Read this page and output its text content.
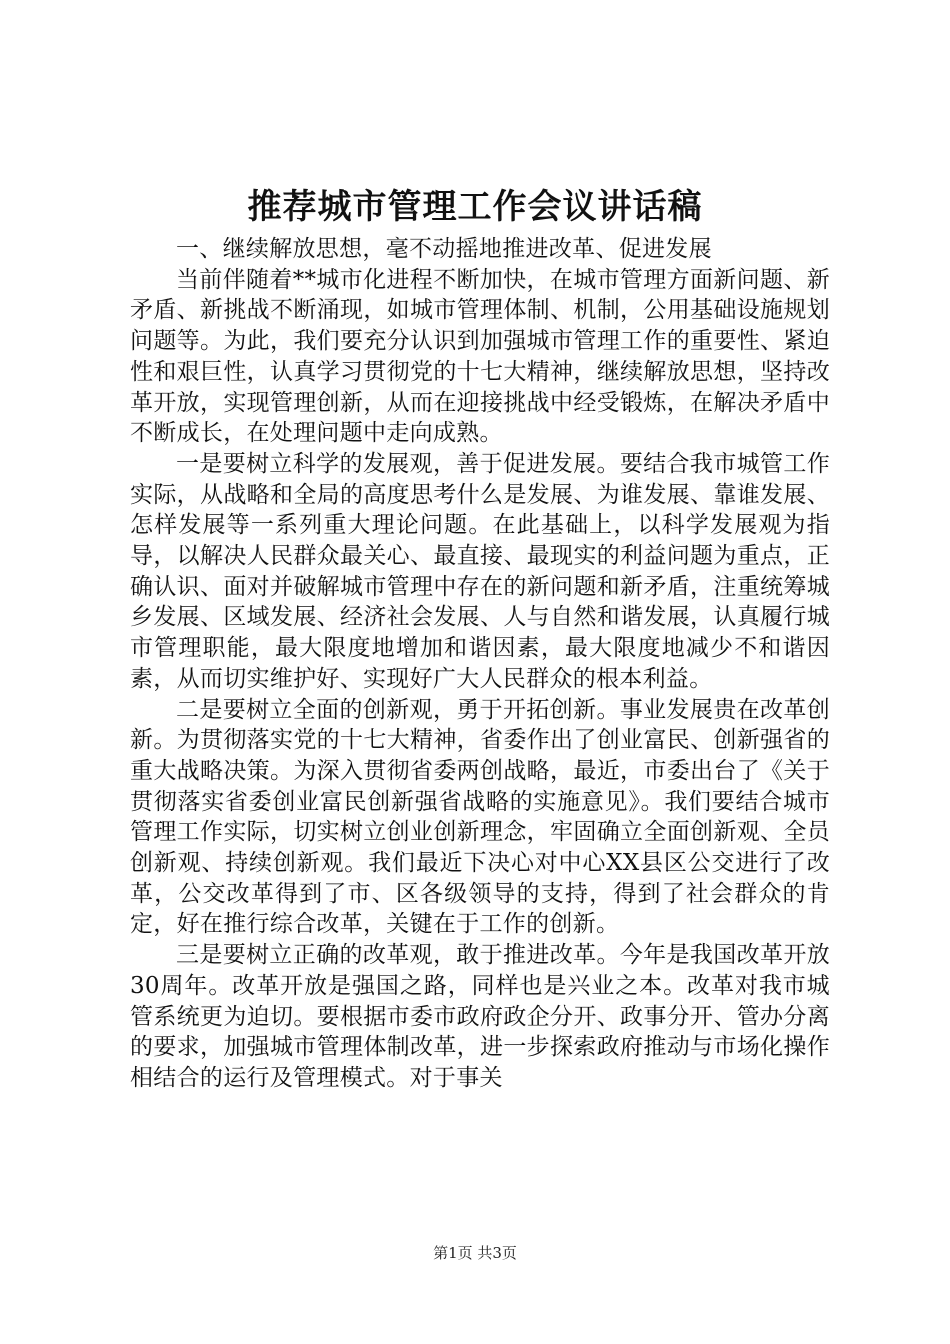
推荐城市管理工作会议讲话稿

一、继续解放思想，毫不动摇地推进改革、促进发展

当前伴随着**城市化进程不断加快，在城市管理方面新问题、新矛盾、新挑战不断涌现，如城市管理体制、机制，公用基础设施规划问题等。为此，我们要充分认识到加强城市管理工作的重要性、紧迫性和艰巨性，认真学习贯彻党的十七大精神，继续解放思想，坚持改革开放，实现管理创新，从而在迎接挑战中经受锻炼，在解决矛盾中不断成长，在处理问题中走向成熟。

一是要树立科学的发展观，善于促进发展。要结合我市城管工作实际，从战略和全局的高度思考什么是发展、为谁发展、靠谁发展、怎样发展等一系列重大理论问题。在此基础上，以科学发展观为指导，以解决人民群众最关心、最直接、最现实的利益问题为重点，正确认识、面对并破解城市管理中存在的新问题和新矛盾，注重统筹城乡发展、区域发展、经济社会发展、人与自然和谐发展，认真履行城市管理职能，最大限度地增加和谐因素，最大限度地减少不和谐因素，从而切实维护好、实现好广大人民群众的根本利益。

二是要树立全面的创新观，勇于开拓创新。事业发展贵在改革创新。为贯彻落实党的十七大精神，省委作出了创业富民、创新强省的重大战略决策。为深入贯彻省委两创战略，最近，市委出台了《关于贯彻落实省委创业富民创新强省战略的实施意见》。我们要结合城市管理工作实际，切实树立创业创新理念，牢固确立全面创新观、全员创新观、持续创新观。我们最近下决心对中心XX县区公交进行了改革，公交改革得到了市、区各级领导的支持，得到了社会群众的肯定，好在推行综合改革，关键在于工作的创新。

三是要树立正确的改革观，敢于推进改革。今年是我国改革开放30周年。改革开放是强国之路，同样也是兴业之本。改革对我市城管系统更为迫切。要根据市委市政府政企分开、政事分开、管办分离的要求，加强城市管理体制改革，进一步探索政府推动与市场化操作相结合的运行及管理模式。对于事关

第1页 共3页
